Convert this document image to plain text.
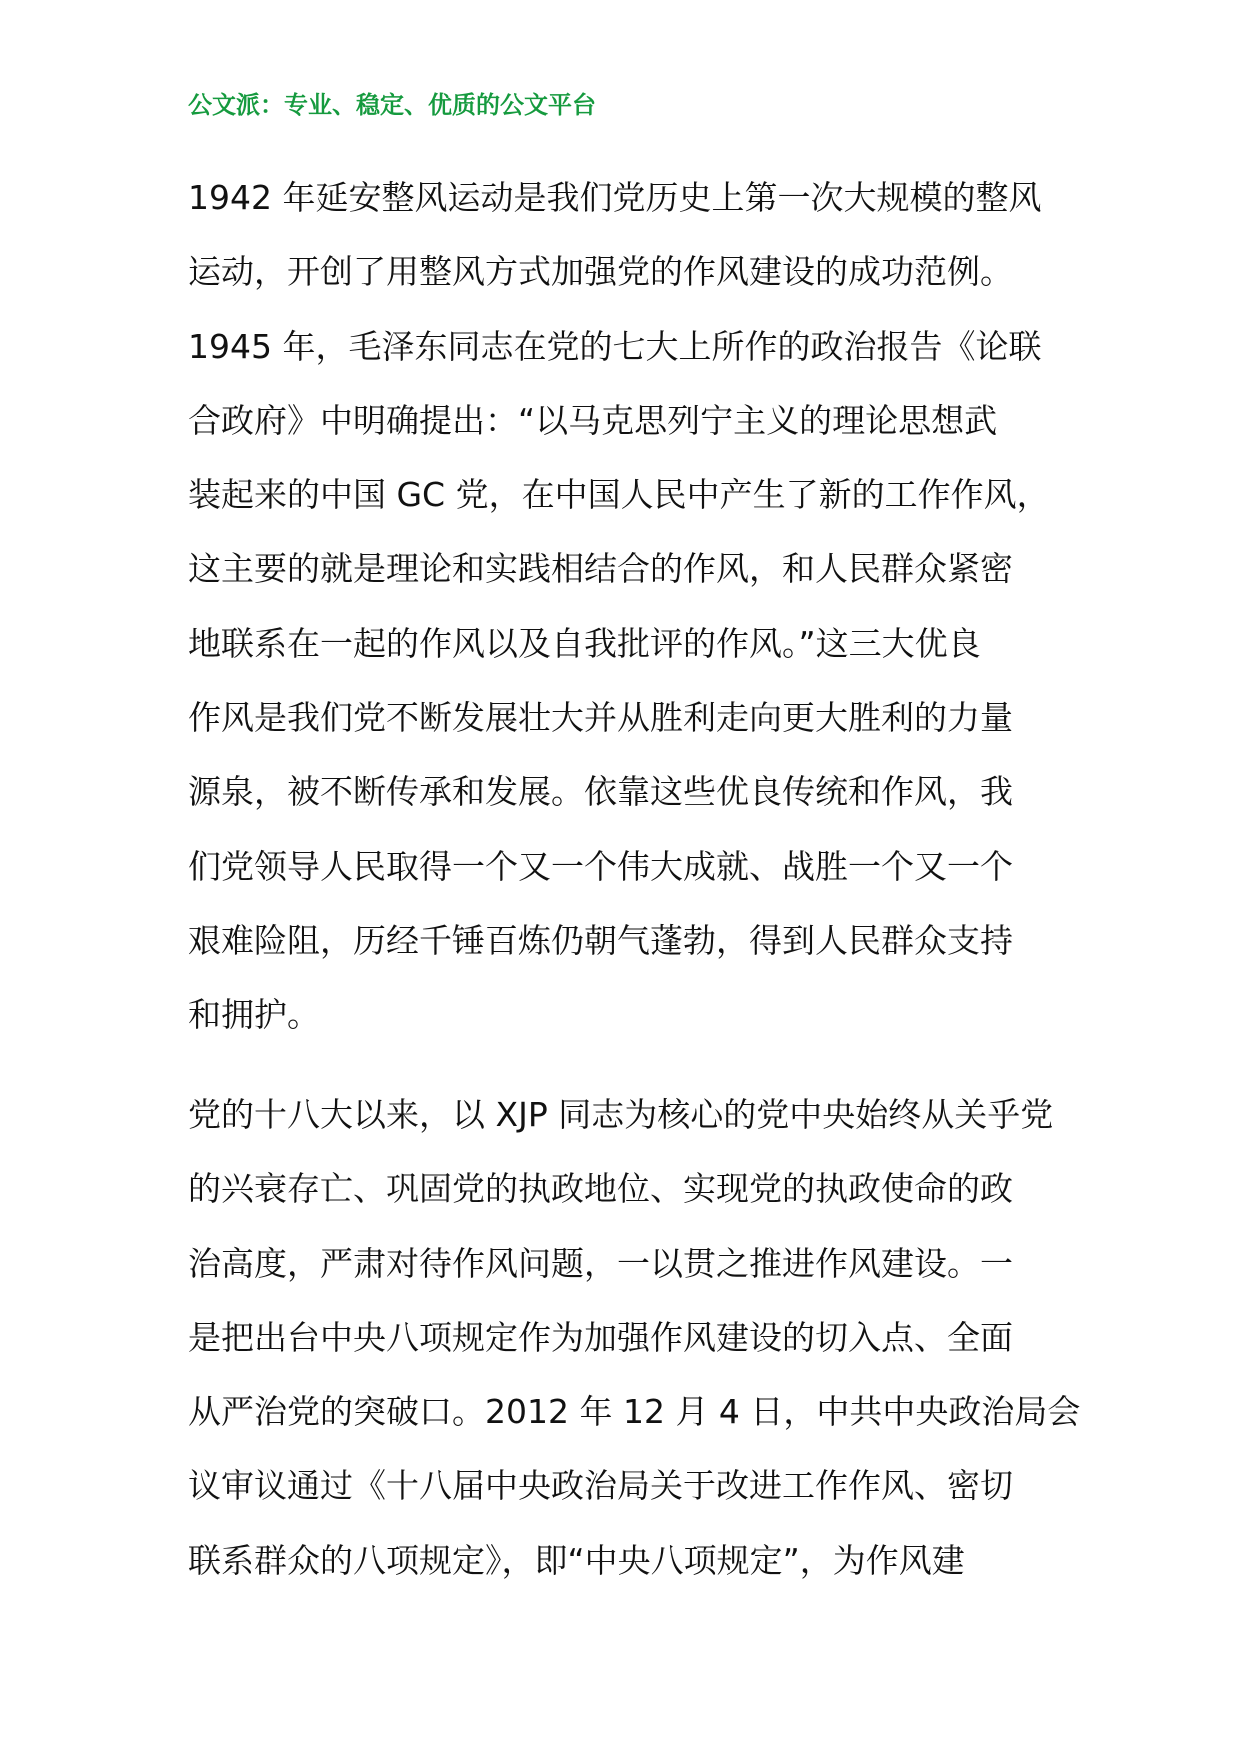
公文派：专业、稳定、优质的公文平台
1942 年延安整风运动是我们党历史上第一次大规模的整风
运动，开创了用整风方式加强党的作风建设的成功范例。
1945 年，毛泽东同志在党的七大上所作的政治报告《论联
合政府》中明确提出：“以马克思列宁主义的理论思想武
装起来的中国 GC 党，在中国人民中产生了新的工作作风，
这主要的就是理论和实践相结合的作风，和人民群众紧密
地联系在一起的作风以及自我批评的作风。”这三大优良
作风是我们党不断发展壮大并从胜利走向更大胜利的力量
源泉，被不断传承和发展。依靠这些优良传统和作风，我
们党领导人民取得一个又一个伟大成就、战胜一个又一个
艰难险阻，历经千锤百炼仍朝气蓬勃，得到人民群众支持
和拥护。
党的十八大以来，以 XJP 同志为核心的党中央始终从关乎党
的兴衰存亡、巩固党的执政地位、实现党的执政使命的政
治高度，严肃对待作风问题，一以贯之推进作风建设。一
是把出台中央八项规定作为加强作风建设的切入点、全面
从严治党的突破口。2012 年 12 月 4 日，中共中央政治局会
议审议通过《十八届中央政治局关于改进工作作风、密切
联系群众的八项规定》，即“中央八项规定”，为作风建
